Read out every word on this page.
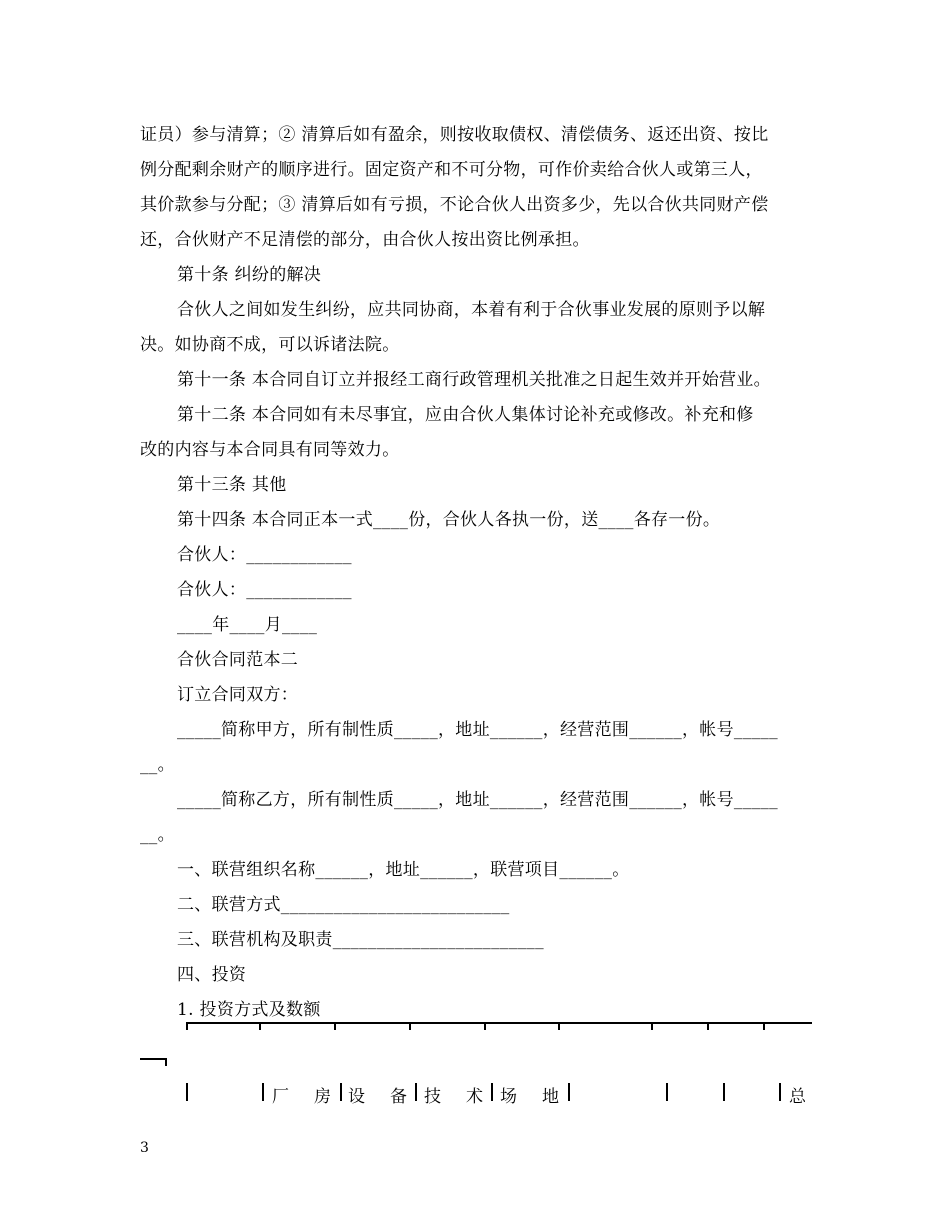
证员）参与清算；② 清算后如有盈余，则按收取债权、清偿债务、返还出资、按比
例分配剩余财产的顺序进行。固定资产和不可分物，可作价卖给合伙人或第三人，
其价款参与分配；③ 清算后如有亏损，不论合伙人出资多少，先以合伙共同财产偿
还，合伙财产不足清偿的部分，由合伙人按出资比例承担。
第十条 纠纷的解决
合伙人之间如发生纠纷，应共同协商，本着有利于合伙事业发展的原则予以解
决。如协商不成，可以诉诸法院。
第十一条 本合同自订立并报经工商行政管理机关批准之日起生效并开始营业。
第十二条 本合同如有未尽事宜，应由合伙人集体讨论补充或修改。补充和修
改的内容与本合同具有同等效力。
第十三条 其他
第十四条 本合同正本一式____份，合伙人各执一份，送____各存一份。
合伙人：____________
合伙人：____________
____年____月____
合伙合同范本二
订立合同双方：
_____简称甲方，所有制性质_____，地址______，经营范围______，帐号_____
__。
_____简称乙方，所有制性质_____，地址______，经营范围______，帐号_____
__。
一、联营组织名称______，地址______，联营项目______。
二、联营方式__________________________
三、联营机构及职责________________________
四、投资
1. 投资方式及数额
厂　房 设　备 技　术 场　地	总
3
